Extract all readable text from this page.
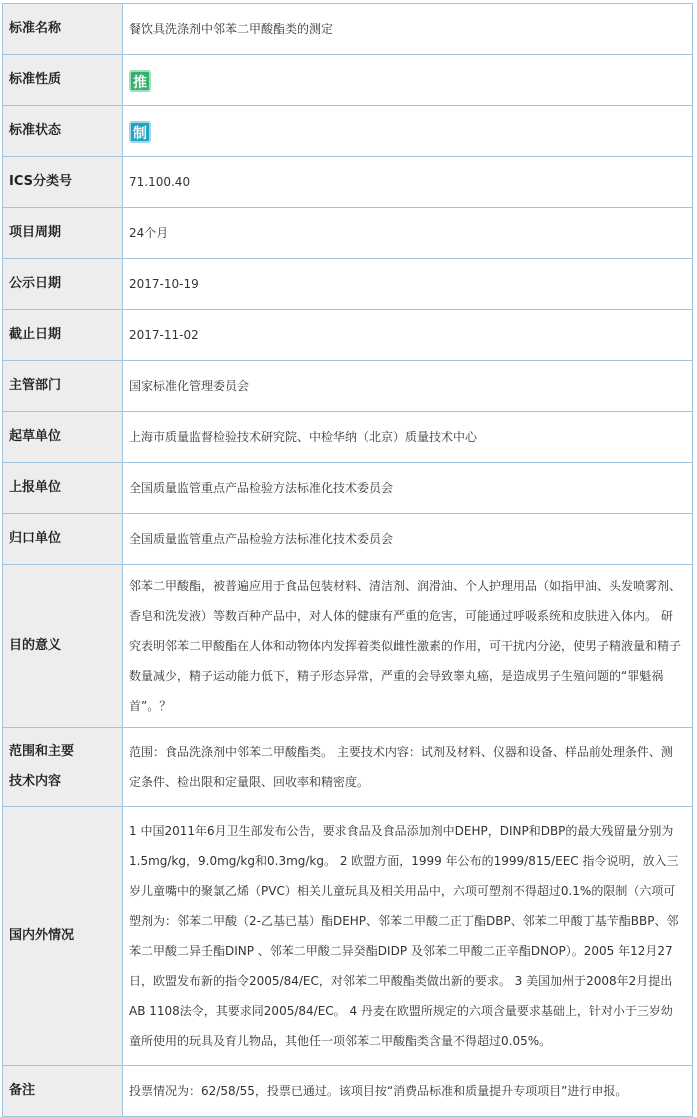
标准名称	餐饮具洗涤剂中邻苯二甲酸酯类的测定
标准性质	推
标准状态	制
ICS分类号	71.100.40
项目周期	24个月
公示日期	2017-10-19
截止日期	2017-11-02
主管部门	国家标准化管理委员会
起草单位	上海市质量监督检验技术研究院、中检华纳（北京）质量技术中心
上报单位	全国质量监管重点产品检验方法标准化技术委员会
归口单位	全国质量监管重点产品检验方法标准化技术委员会
目的意义	邻苯二甲酸酯，被普遍应用于食品包装材料、清洁剂、润滑油、个人护理用品（如指甲油、头发喷雾剂、香皂和洗发液）等数百种产品中，对人体的健康有严重的危害，可能通过呼吸系统和皮肤进入体内。 研究表明邻苯二甲酸酯在人体和动物体内发挥着类似雌性激素的作用，可干扰内分泌，使男子精液量和精子数量减少，精子运动能力低下，精子形态异常，严重的会导致睾丸癌，是造成男子生殖问题的“罪魁祸首”。？

范围和主要
技术内容	范围：食品洗涤剂中邻苯二甲酸酯类。 主要技术内容：试剂及材料、仪器和设备、样品前处理条件、测定条件、检出限和定量限、回收率和精密度。
国内外情况	1 中国2011年6月卫生部发布公告，要求食品及食品添加剂中DEHP，DINP和DBP的最大残留量分别为1.5mg/kg，9.0mg/kg和0.3mg/kg。 2 欧盟方面，1999 年公布的1999/815/EEC 指令说明，放入三岁儿童嘴中的聚氯乙烯（PVC）相关儿童玩具及相关用品中，六项可塑剂不得超过0.1%的限制（六项可塑剂为：邻苯二甲酸（2-乙基已基）酯DEHP、邻苯二甲酸二正丁酯DBP、邻苯二甲酸丁基苄酯BBP、邻苯二甲酸二异壬酯DINP 、邻苯二甲酸二异癸酯DIDP 及邻苯二甲酸二正辛酯DNOP）。2005 年12月27日，欧盟发布新的指令2005/84/EC，对邻苯二甲酸酯类做出新的要求。 3 美国加州于2008年2月提出AB 1108法令，其要求同2005/84/EC。 4 丹麦在欧盟所规定的六项含量要求基础上，针对小于三岁幼童所使用的玩具及育儿物品，其他任一项邻苯二甲酸酯类含量不得超过0.05%。
备注	投票情况为：62/58/55，投票已通过。该项目按“消费品标准和质量提升专项项目”进行申报。
